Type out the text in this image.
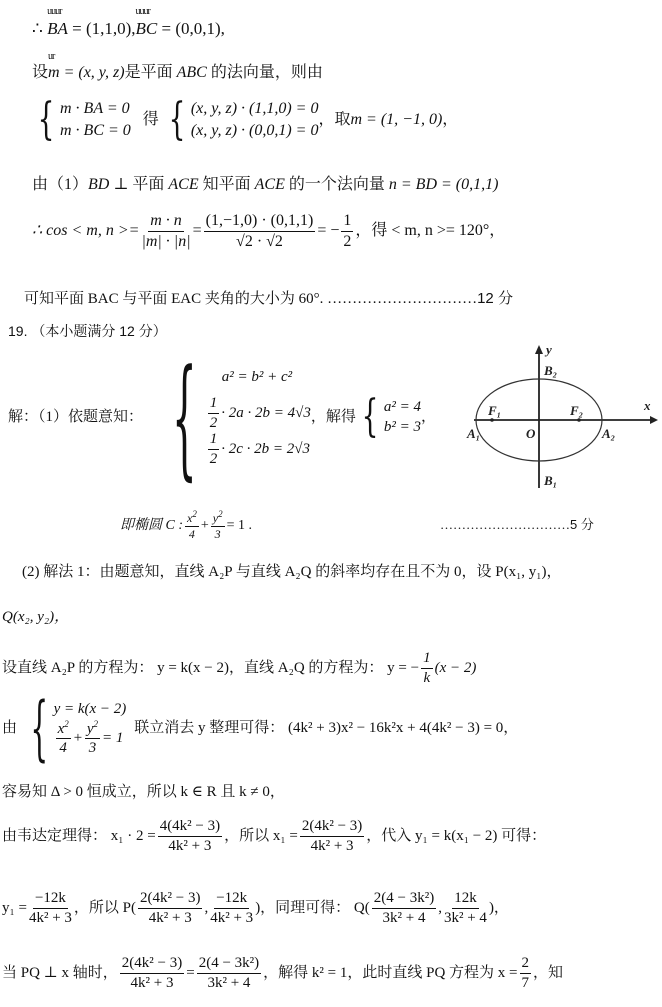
∴
uuur
BA = (1,1,0),
uuur
BC = (0,0,1),
设
ur
m = (x, y, z)是平面 ABC 的法向量，则由
{ m · BA = 0
m · BC = 0
得 { (x, y, z) · (1,1,0) = 0
(x, y, z) · (0,0,1) = 0
，取 m = (1, −1, 0) ，
由（1）BD ⊥ 平面 ACE 知平面 ACE 的一个法向量 n = BD = (0,1,1)
∴ cos < m, $n >= \frac{m \cdot n}{|m| \cdot |n|} = \frac{(1,-1,0) \cdot (0,1,1)}{√2 \cdot √2}$ = − $\frac{1}{2}$ ，得 < m, n >= 120°，
可知平面 BAC 与平面 EAC 夹角的大小为 60°. …………………………12 分
19. （本小题满分 12 分）
解：（1）依题意知： {	a² = b² + c²
$\frac{1}{2} \cdot 2a \cdot 2b = 4√3$
$\frac{1}{2} \cdot 2c \cdot 2b = 2√3$
，解得 { a² = 4
b² = 3
，
y
x
B₂
B₁
F₁	F₂
A₁	A₂
O
即椭圆 C : $\frac{x^2}{4} + \frac{y^2}{3} = 1$ .	…………………………5 分
(2) 解法 1：由题意知，直线 A₂P 与直线 A₂Q 的斜率均存在且不为 0，设 P(x₁, y₁)，
Q(x₂, y₂)，
设直线 A₂P 的方程为： y = k(x − 2)，直线 A₂Q 的方程为： y = − $\frac{1}{k} (x - 2)$
由 { y = k(x − 2)
$\frac{x^2}{4} + \frac{y^2}{3} = 1$
联立消去 y 整理可得： (4k² + 3)x² − 16k²x + 4(4k² − 3) = 0，
容易知 Δ > 0 恒成立，所以 k ∈ R 且 k ≠ 0，
由韦达定理得： $x_1 \cdot 2 = \frac{\text{4(4k² − 3)}}{\text{4k² + 3}}$ ，所以 $x_1 = \frac{\text{2(4k² − 3)}}{\text{4k² + 3}}$ ，代入 y₁ = k(x₁ − 2) 可得：
$y_1 = \frac{-12k}{\text{4k² + 3}}$ ，所以 $P( \frac{\text{2(4k² − 3)}}{\text{4k² + 3}}$ , $\frac{-12k}{\text{4k² + 3}}$ )，同理可得： $Q( \frac{\text{2(4 − 3k²)}}{\text{3k² + 4}}$ , $\frac{12k}{\text{3k² + 4}}$ )，
当 PQ ⊥ x 轴时， $\frac{\text{2(4k² − 3)}}{\text{4k² + 3}} = \frac{\text{2(4 − 3k²)}}{\text{3k² + 4}}$ ，解得 k² = 1，此时直线 PQ 方程为 $x = \frac{2}{7}$ ，知
